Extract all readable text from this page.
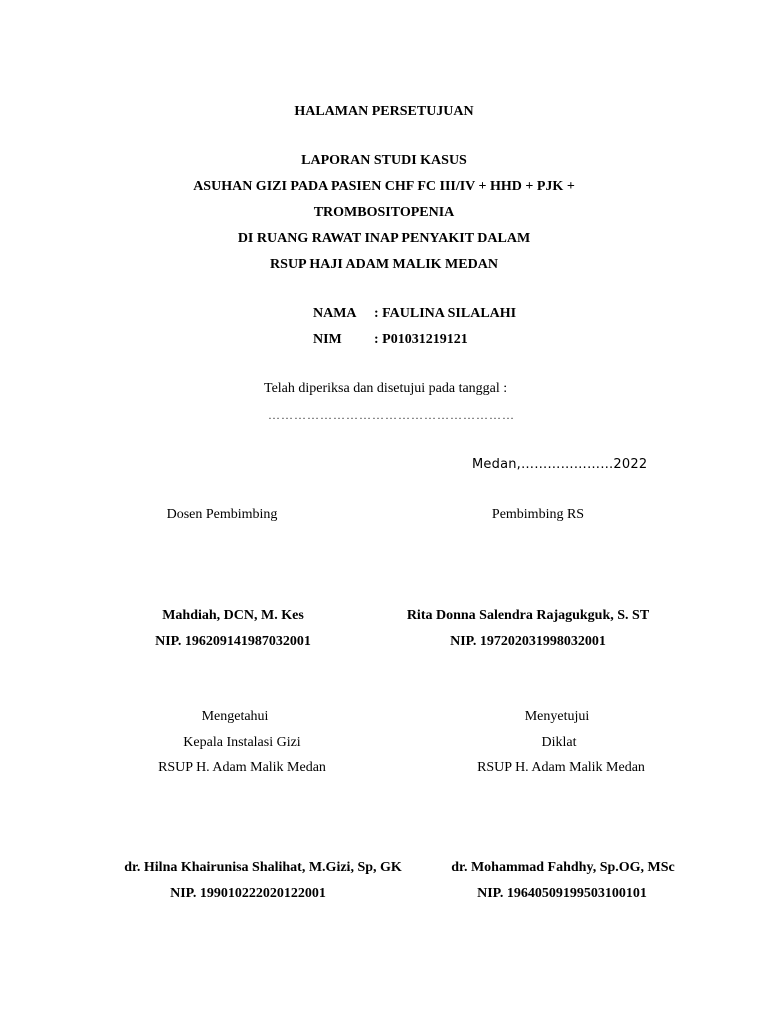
HALAMAN PERSETUJUAN
LAPORAN STUDI KASUS
ASUHAN GIZI PADA PASIEN CHF FC III/IV + HHD + PJK +
TROMBOSITOPENIA
DI RUANG RAWAT INAP PENYAKIT DALAM
RSUP HAJI ADAM MALIK MEDAN
NAMA : FAULINA SILALAHI
NIM : P01031219121
Telah diperiksa dan disetujui pada tanggal :
…………………………………………………
Medan,…………………2022
Dosen Pembimbing	Pembimbing RS
Mahdiah, DCN, M. Kes
NIP. 196209141987032001
Rita Donna Salendra Rajagukguk, S. ST
NIP. 197202031998032001
Mengetahui
Kepala Instalasi Gizi
RSUP H. Adam Malik Medan
Menyetujui
Diklat
RSUP H. Adam Malik Medan
dr. Hilna Khairunisa Shalihat, M.Gizi, Sp, GK
NIP. 199010222020122001
dr. Mohammad Fahdhy, Sp.OG, MSc
NIP. 19640509199503100101
